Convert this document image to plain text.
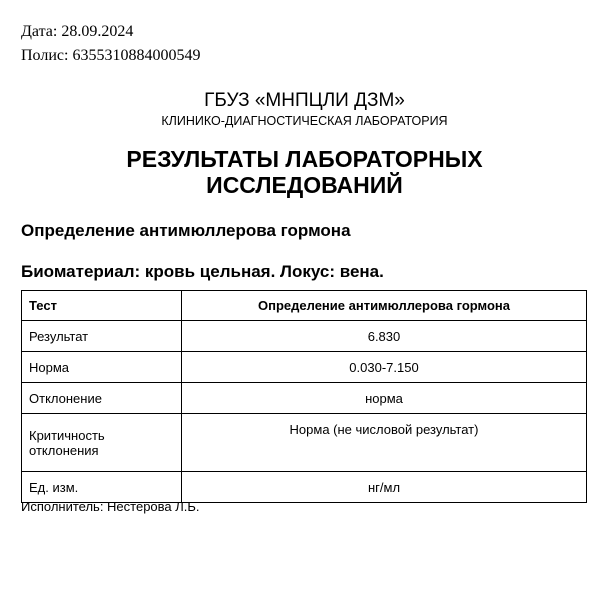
Дата: 28.09.2024
Полис: 6355310884000549
ГБУЗ «МНПЦЛИ ДЗМ»
КЛИНИКО-ДИАГНОСТИЧЕСКАЯ ЛАБОРАТОРИЯ
РЕЗУЛЬТАТЫ ЛАБОРАТОРНЫХ
ИССЛЕДОВАНИЙ
Определение антимюллерова гормона
Биоматериал: кровь цельная. Локус: вена.
Тест	Определение антимюллерова гормона
Результат	6.830
Норма	0.030-7.150
Отклонение	норма
Критичность отклонения	Норма (не числовой результат)
Ед. изм.	нг/мл
Исполнитель: Нестерова Л.Б.
